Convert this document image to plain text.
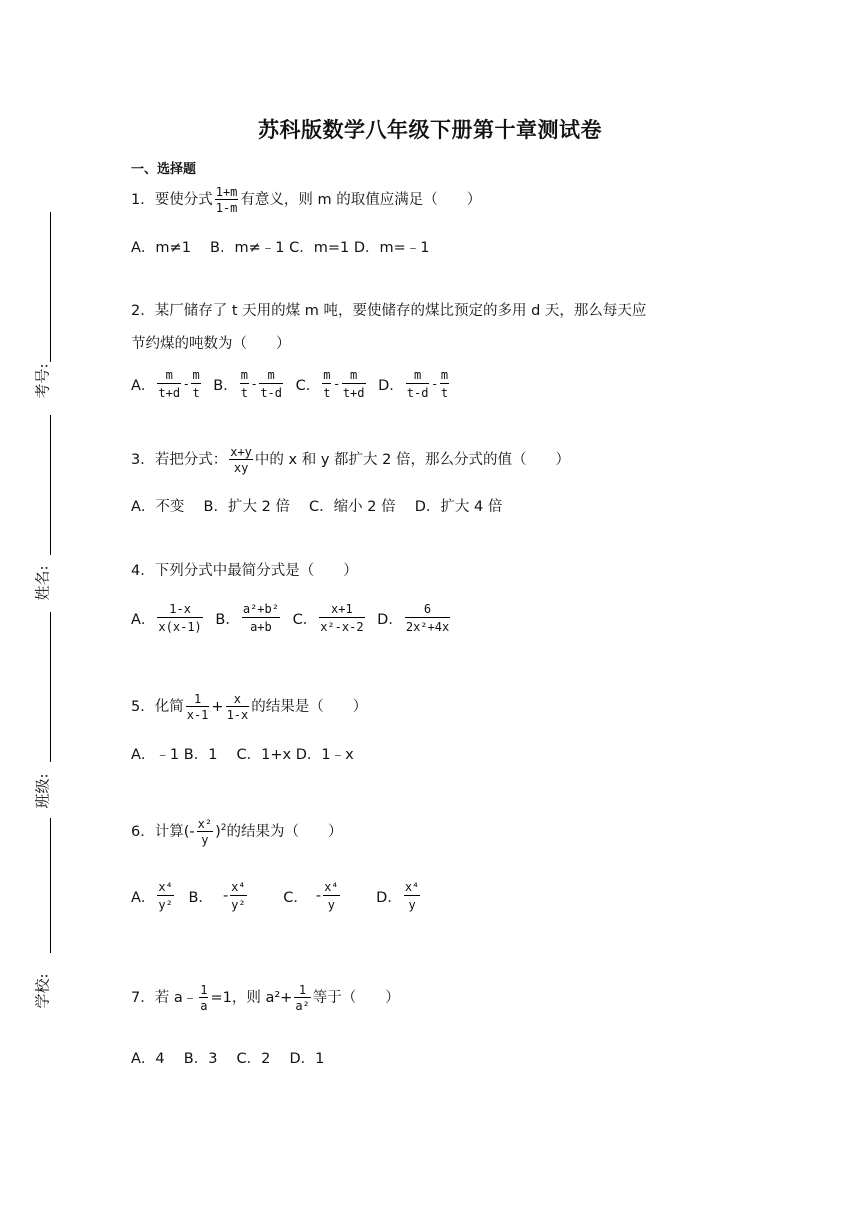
考号:
姓名:
班级:
学校:
苏科版数学八年级下册第十章测试卷
一、选择题
1．要使分式 $\frac{1+m}{1-m}$ 有意义，则 m 的取值应满足（　　）
A．m≠1　 B．m≠﹣1 C．m=1 D．m=﹣1
2．某厂储存了 t 天用的煤 m 吨，要使储存的煤比预定的多用 d 天，那么每天应
节约煤的吨数为（　　）
A． $\frac{m}{t+d} - \frac{m}{t}$
B． $\frac{m}{t} - \frac{m}{t-d}$
C． $\frac{m}{t} - \frac{m}{t+d}$
D． $\frac{m}{t-d} - \frac{m}{t}$
3．若把分式： $\frac{x+y}{xy}$ 中的 x 和 y 都扩大 2 倍，那么分式的值（　　）
A．不变　 B．扩大 2 倍　 C．缩小 2 倍　 D．扩大 4 倍
4．下列分式中最简分式是（　　）
A． $\frac{1-x}{x(x-1)}$
B． $\frac{\text{a²+b²}}{a+b}$
C． $\frac{x+1}{\text{x²-x-2}}$
D． $\frac{6}{\text{2x²+4x}}$
5．化简 $\frac{1}{x-1} + \frac{x}{1-x}$ 的结果是（　　）
A．﹣1 B．1　 C．1+x D．1﹣x
6．计算(- $\frac{\text{x²}}{y} )^2$的结果为（　　）
A． $\frac{\text{x⁴}}{\text{y²}}$
B． - $\frac{\text{x⁴}}{\text{y²}}$
	C． - $\frac{\text{x⁴}}{y}$
	D． $\frac{\text{x⁴}}{y}$
7．若 a﹣ $\frac{1}{a} =1$，则 $a^2+ \frac{1}{\text{a²}}$ 等于（　　）
A．4　 B．3　 C．2　 D．1
